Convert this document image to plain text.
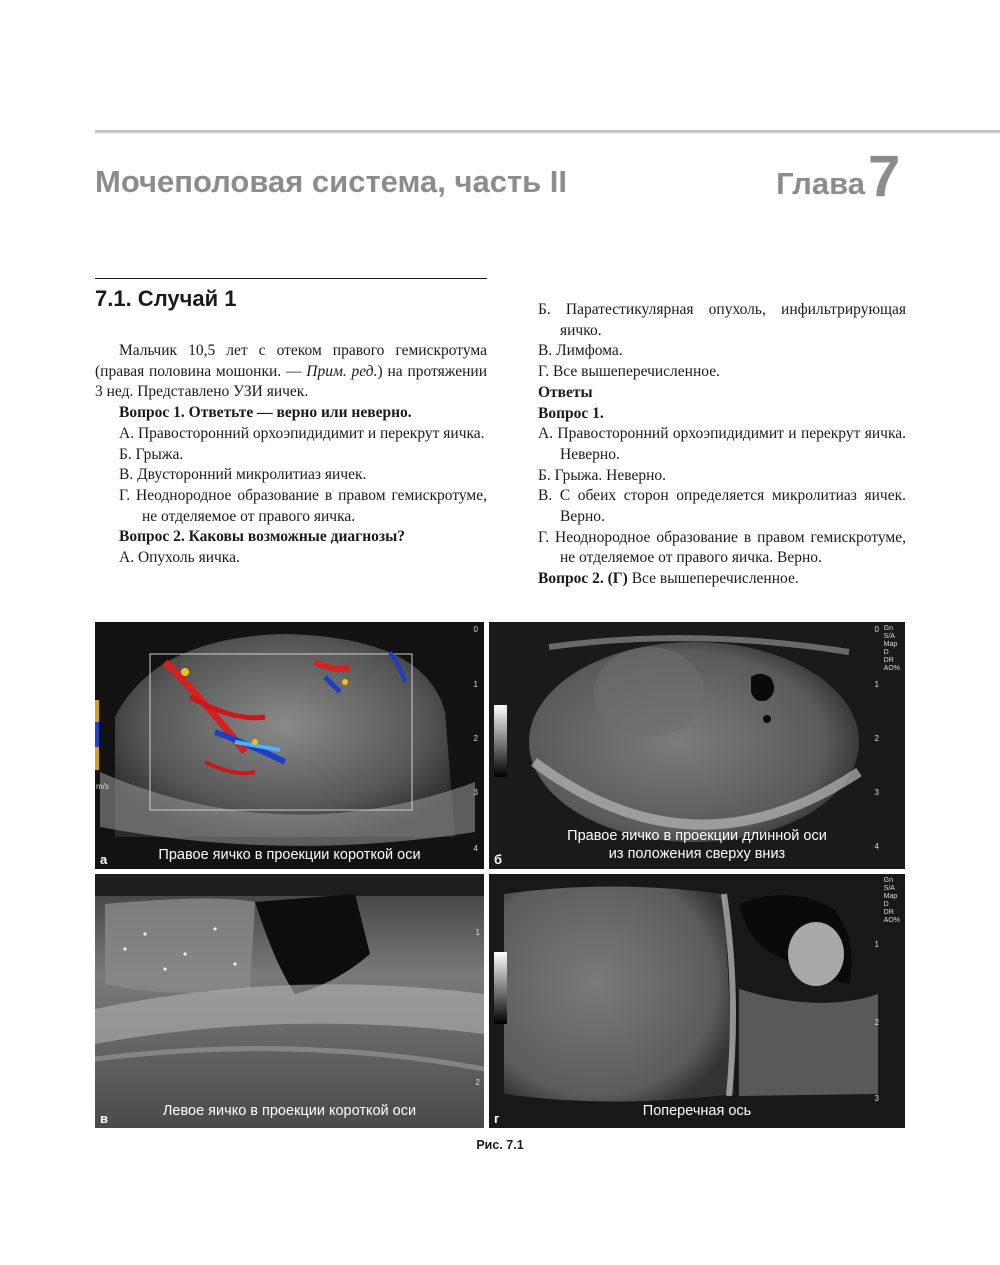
Мочеполовая система, часть II	Глава 7
7.1. Случай 1

Мальчик 10,5 лет с отеком правого гемискротума (правая половина мошонки. — Прим. ред.) на протяжении 3 нед. Представлено УЗИ яичек.

Вопрос 1. Ответьте — верно или неверно.

А. Правосторонний орхоэпидидимит и перекрут яичка.

Б. Грыжа.

В. Двусторонний микролитиаз яичек.

Г. Неоднородное образование в правом гемискротуме, не отделяемое от правого яичка.

Вопрос 2. Каковы возможные диагнозы?

А. Опухоль яичка.

Б. Паратестикулярная опухоль, инфильтрирующая яичко.

В. Лимфома.

Г. Все вышеперечисленное.

Ответы

Вопрос 1.

А. Правосторонний орхоэпидидимит и перекрут яичка. Неверно.

Б. Грыжа. Неверно.

В. С обеих сторон определяется микролитиаз яичек. Верно.

Г. Неоднородное образование в правом гемискротуме, не отделяемое от правого яичка. Верно.

Вопрос 2. (Г) Все вышеперечисленное.

0
1
2
3
4
m/s
Правое яичко в проекции короткой оси
а
Gn
S/A
Map
D
DR
AO%
0
1
2
3
4
Правое яичко в проекции длинной оси
из положения сверху вниз
б
1
2
Левое яичко в проекции короткой оси
в
Gn
S/A
Map
D
DR
AO%
1
2
3
Поперечная ось
г
Рис. 7.1
